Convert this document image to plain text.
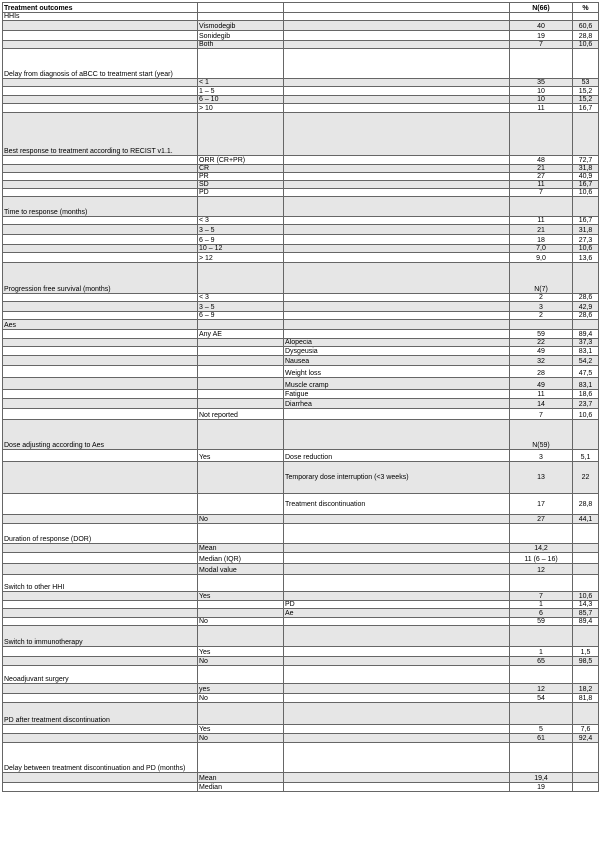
Treatment outcomes			N(66)	%
HHIs				
	Vismodegib		40	60,6
	Sonidegib		19	28,8
	Both		7	10,6
Delay from diagnosis of aBCC to treatment start (year)				
	< 1		35	53
	1 – 5		10	15,2
	6 – 10		10	15,2
	> 10		11	16,7
Best response to treatment according to RECIST v1.1.				
	ORR (CR+PR)		48	72,7
	CR		21	31,8
	PR		27	40,9
	SD		11	16,7
	PD		7	10,6
Time to response (months)				
	< 3		11	16,7
	3 – 5		21	31,8
	6 – 9		18	27,3
	10 – 12		7,0	10,6
	> 12		9,0	13,6
Progression free survival (months)			N(7)	
	< 3		2	28,6
	3 – 5		3	42,9
	6 – 9		2	28,6
Aes				
	Any AE		59	89,4
		Alopecia	22	37,3
		Dysgeusia	49	83,1
		Nausea	32	54,2
		Weight loss	28	47,5
		Muscle cramp	49	83,1
		Fatigue	11	18,6
		Diarrhea	14	23,7
	Not reported		7	10,6
Dose adjusting according to Aes			N(59)	
	Yes	Dose reduction	3	5,1
		Temporary dose interruption (<3 weeks)	13	22
		Treatment discontinuation	17	28,8
	No		27	44,1
Duration of response (DOR)				
	Mean		14,2	
	Median (IQR)		11 (6 – 16)	
	Modal value		12	
Switch to other HHI				
	Yes		7	10,6
		PD	1	14,3
		Ae	6	85,7
	No		59	89,4
Switch to immunotherapy				
	Yes		1	1,5
	No		65	98,5
Neoadjuvant surgery				
	yes		12	18,2
	No		54	81,8
PD after treatment discontinuation				
	Yes		5	7,6
	No		61	92,4
Delay between treatment discontinuation and PD (months)				
	Mean		19,4	
	Median		19	
